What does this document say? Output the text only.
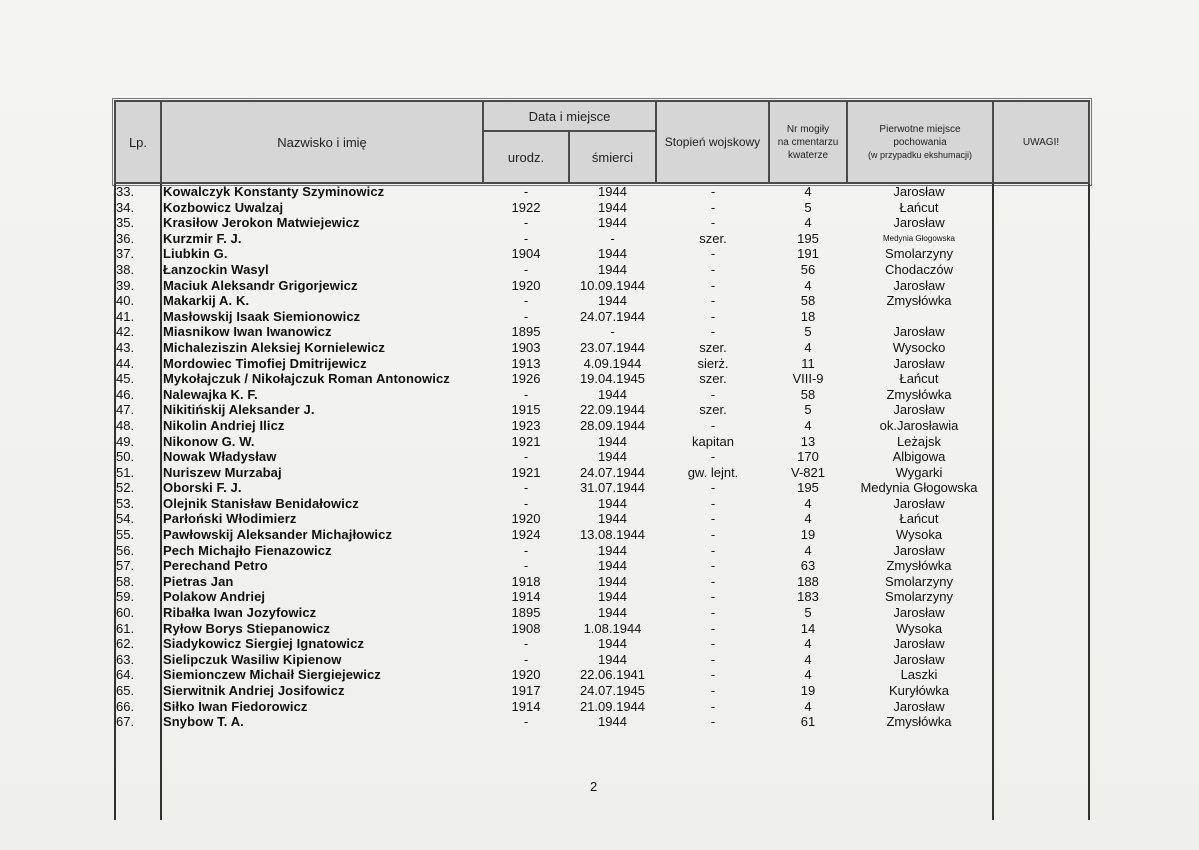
Lp.	Nazwisko i imię
Data i miejsce
urodz.	śmierci
Stopień wojskowy
Nr mogiły
na cmentarzu
kwaterze
Pierwotne miejsce
pochowania
(w przypadku ekshumacji)
UWAGI!
33.	Kowalczyk Konstanty Szyminowicz	-	1944	-	4	Jarosław
34.	Kozbowicz Uwalzaj	1922	1944	-	5	Łańcut
35.	Krasiłow Jerokon Matwiejewicz	-	1944	-	4	Jarosław
36.	Kurzmir F. J.	-	-	szer.	195	Medynia Głogowska
37.	Liubkin G.	1904	1944	-	191	Smolarzyny
38.	Łanzockin Wasyl	-	1944	-	56	Chodaczów
39.	Maciuk Aleksandr Grigorjewicz	1920	10.09.1944	-	4	Jarosław
40.	Makarkij A. K.	-	1944	-	58	Zmysłówka
41.	Masłowskij Isaak Siemionowicz	-	24.07.1944	-	18
42.	Miasnikow Iwan Iwanowicz	1895	-	-	5	Jarosław
43.	Michaleziszin Aleksiej Kornielewicz	1903	23.07.1944	szer.	4	Wysocko
44.	Mordowiec Timofiej Dmitrijewicz	1913	4.09.1944	sierż.	11	Jarosław
45.	Mykołajczuk / Nikołajczuk Roman Antonowicz	1926	19.04.1945	szer.	VIII-9	Łańcut
46.	Nalewajka K. F.	-	1944	-	58	Zmysłówka
47.	Nikitińskij Aleksander J.	1915	22.09.1944	szer.	5	Jarosław
48.	Nikolin Andriej Ilicz	1923	28.09.1944	-	4	ok.Jarosławia
49.	Nikonow G. W.	1921	1944	kapitan	13	Leżajsk
50.	Nowak Władysław	-	1944	-	170	Albigowa
51.	Nuriszew Murzabaj	1921	24.07.1944	gw. lejnt.	V-821	Wygarki
52.	Oborski F. J.	-	31.07.1944	-	195	Medynia Głogowska
53.	Olejnik Stanisław Benidałowicz	-	1944	-	4	Jarosław
54.	Parłoński Włodimierz	1920	1944	-	4	Łańcut
55.	Pawłowskij Aleksander Michajłowicz	1924	13.08.1944	-	19	Wysoka
56.	Pech Michajło Fienazowicz	-	1944	-	4	Jarosław
57.	Perechand Petro	-	1944	-	63	Zmysłówka
58.	Pietras Jan	1918	1944	-	188	Smolarzyny
59.	Polakow Andriej	1914	1944	-	183	Smolarzyny
60.	Ribałka Iwan Jozyfowicz	1895	1944	-	5	Jarosław
61.	Ryłow Borys Stiepanowicz	1908	1.08.1944	-	14	Wysoka
62.	Siadykowicz Siergiej Ignatowicz	-	1944	-	4	Jarosław
63.	Sielipczuk Wasiliw Kipienow	-	1944	-	4	Jarosław
64.	Siemionczew Michaił Siergiejewicz	1920	22.06.1941	-	4	Laszki
65.	Sierwitnik Andriej Josifowicz	1917	24.07.1945	-	19	Kuryłówka
66.	Siłko Iwan Fiedorowicz	1914	21.09.1944	-	4	Jarosław
67.	Snybow T. A.	-	1944	-	61	Zmysłówka
2
